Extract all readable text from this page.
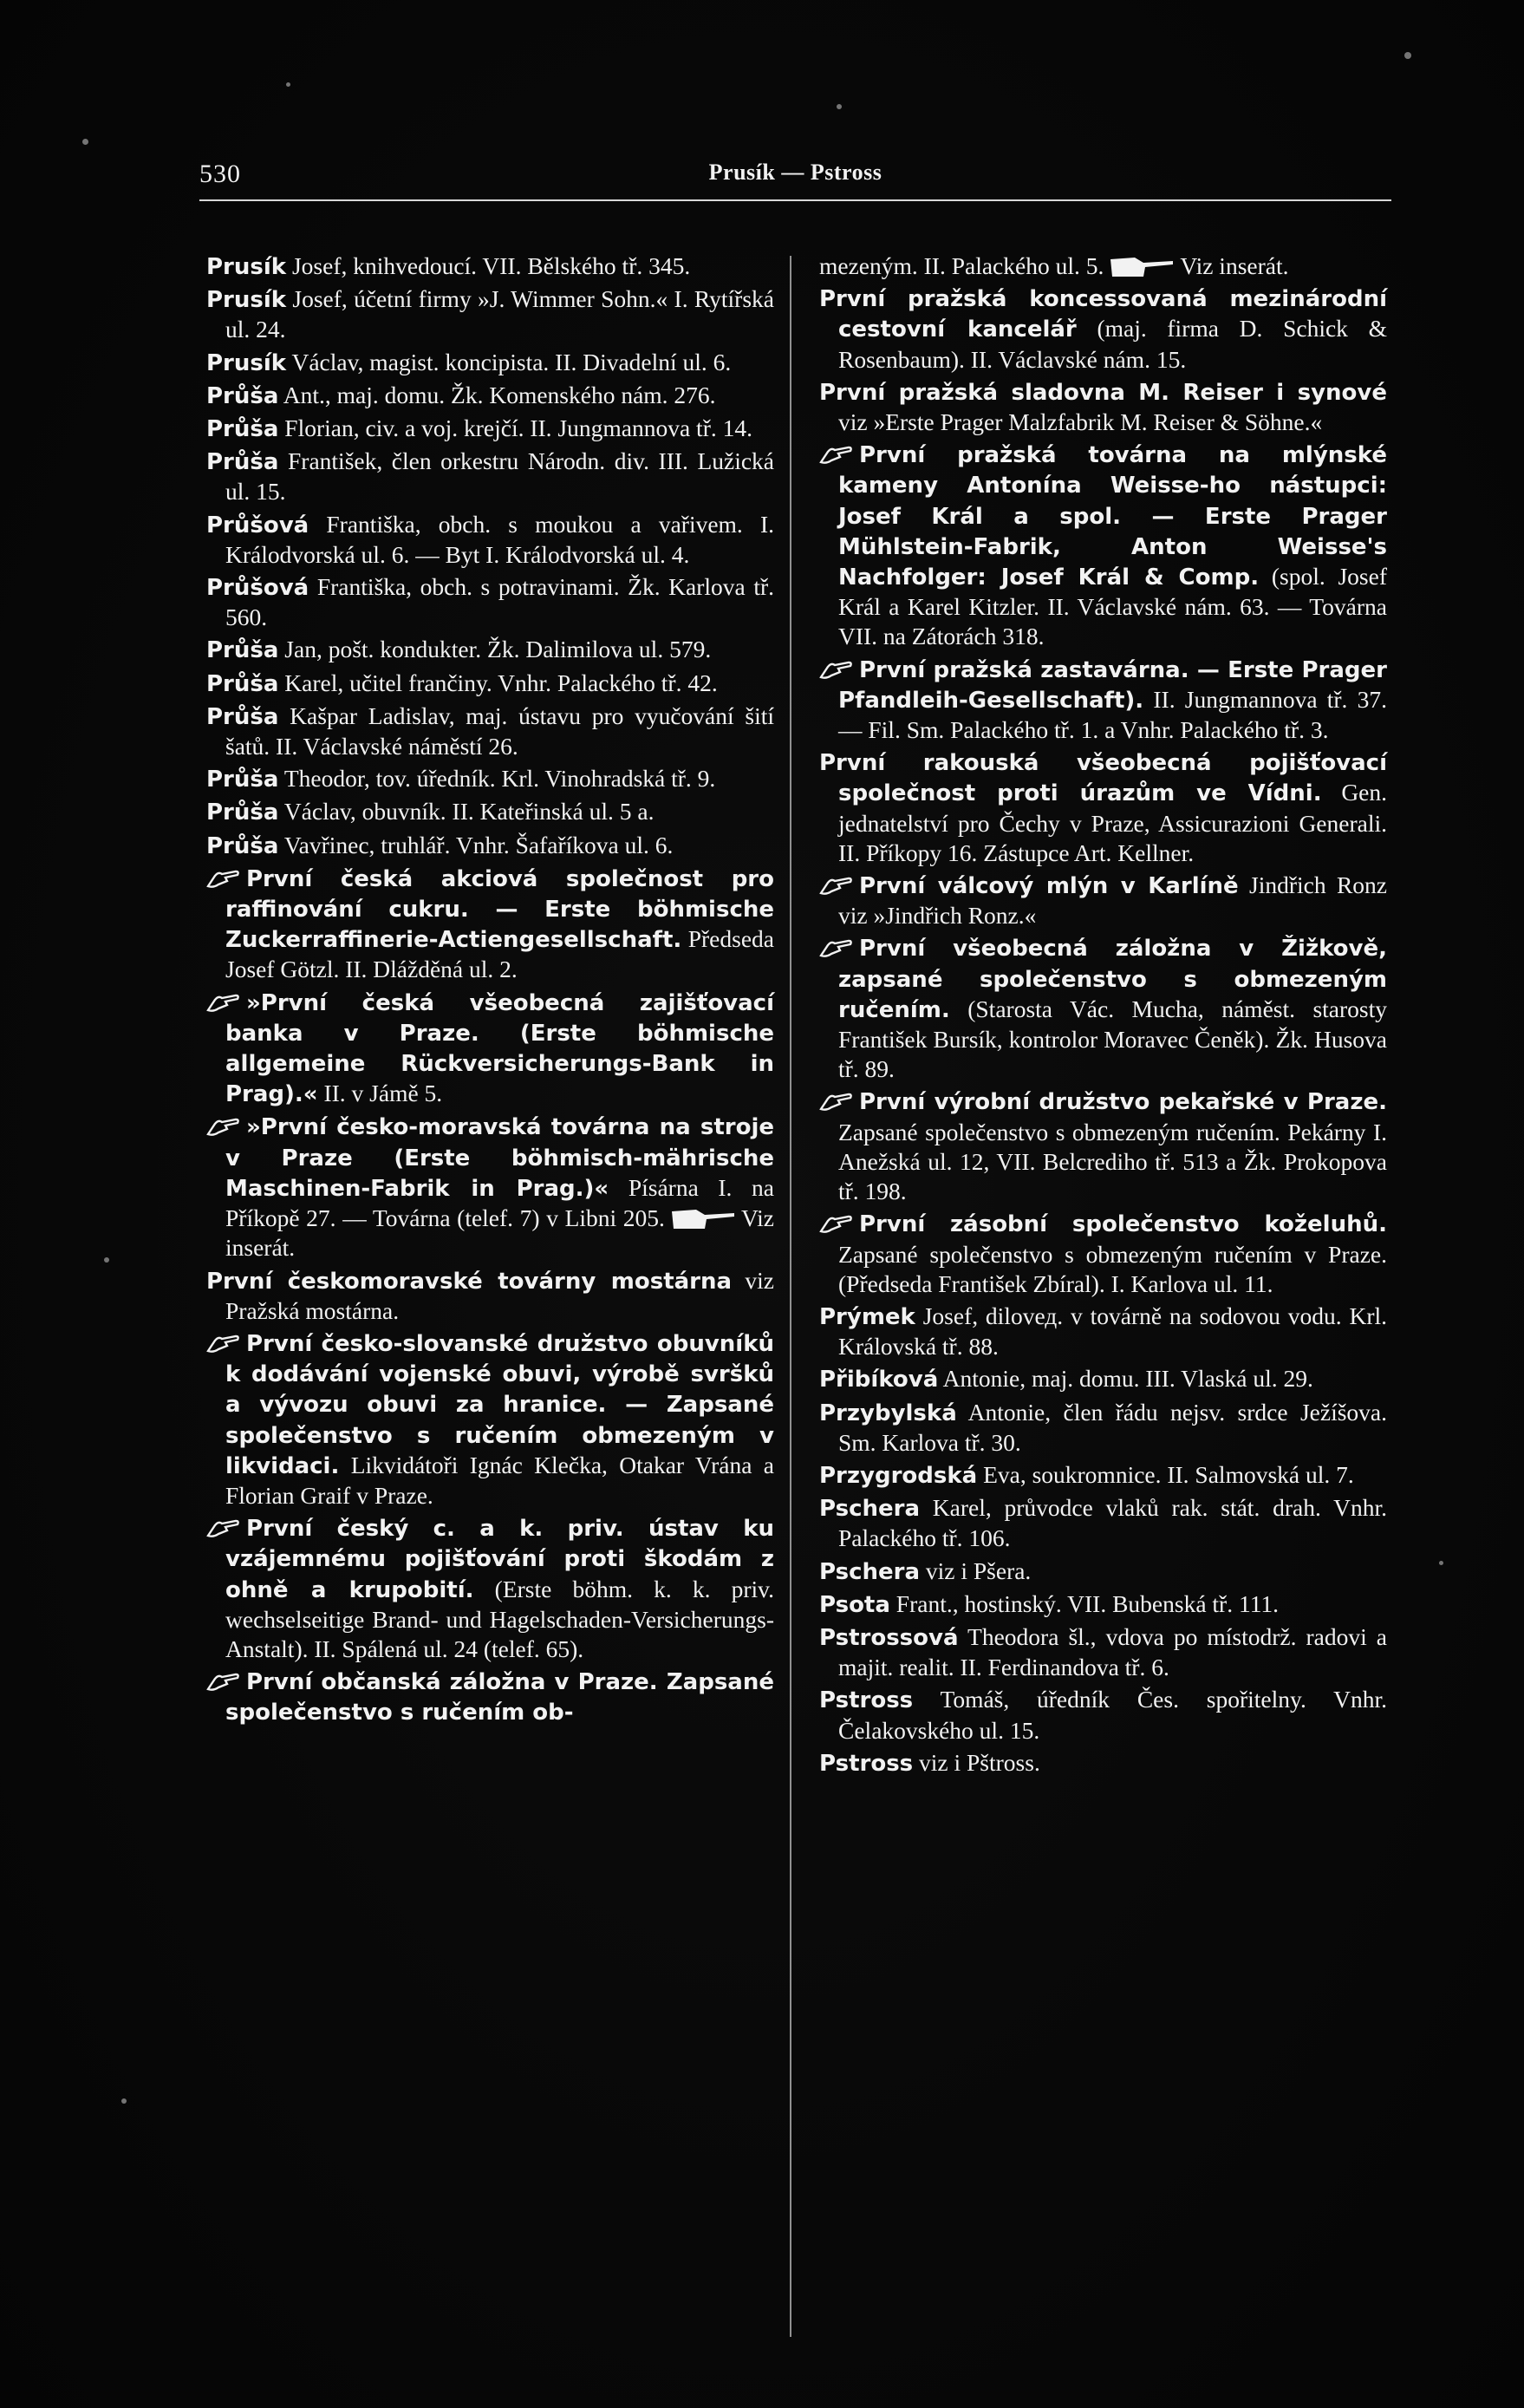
530	Prusík — Pstross

Prusík Josef, knihvedoucí. VII. Bělského tř. 345.

Prusík Josef, účetní firmy »J. Wimmer Sohn.« I. Rytířská ul. 24.

Prusík Václav, magist. koncipista. II. Divadelní ul. 6.

Průša Ant., maj. domu. Žk. Komenského nám. 276.

Průša Florian, civ. a voj. krejčí. II. Jungmannova tř. 14.

Průša František, člen orkestru Národn. div. III. Lužická ul. 15.

Průšová Františka, obch. s moukou a vařivem. I. Králodvorská ul. 6. — Byt I. Králodvorská ul. 4.

Průšová Františka, obch. s potravinami. Žk. Karlova tř. 560.

Průša Jan, pošt. kondukter. Žk. Dalimilova ul. 579.

Průša Karel, učitel frančiny. Vnhr. Palackého tř. 42.

Průša Kašpar Ladislav, maj. ústavu pro vyučování šití šatů. II. Václavské náměstí 26.

Průša Theodor, tov. úředník. Krl. Vinohradská tř. 9.

Průša Václav, obuvník. II. Kateřinská ul. 5 a.

Průša Vavřinec, truhlář. Vnhr. Šafaříkova ul. 6.

První česká akciová společnost pro raffinování cukru. — Erste böhmische Zuckerraffinerie-Actiengesellschaft. Předseda Josef Götzl. II. Dlážděná ul. 2.

»První česká všeobecná zajišťovací banka v Praze. (Erste böhmische allgemeine Rückversicherungs-Bank in Prag).« II. v Jámě 5.

»První česko-moravská továrna na stroje v Praze (Erste böhmisch-mährische Maschinen-Fabrik in Prag.)« Písárna I. na Příkopě 27. — Továrna (telef. 7) v Libni 205.	Viz inserát.

První českomoravské továrny mostárna viz Pražská mostárna.

První česko-slovanské družstvo obuvníků k dodávání vojenské obuvi, výrobě svršků a vývozu obuvi za hranice. — Zapsané společenstvo s ručením obmezeným v likvidaci. Likvidátoři Ignác Klečka, Otakar Vrána a Florian Graif v Praze.

První český c. a k. priv. ústav ku vzájemnému pojišťování proti škodám z ohně a krupobití. (Erste böhm. k. k. priv. wechselseitige Brand- und Hagelschaden-Versicherungs-Anstalt). II. Spálená ul. 24 (telef. 65).

První občanská záložna v Praze. Zapsané společenstvo s ručením ob-

mezeným. II. Palackého ul. 5.	Viz inserát.

První pražská koncessovaná mezinárodní cestovní kancelář (maj. firma D. Schick & Rosenbaum). II. Václavské nám. 15.

První pražská sladovna M. Reiser i synové viz »Erste Prager Malzfabrik M. Reiser & Söhne.«

První pražská továrna na mlýnské kameny Antonína Weisse-ho nástupci: Josef Král a spol. — Erste Prager Mühlstein-Fabrik, Anton Weisse's Nachfolger: Josef Král & Comp. (spol. Josef Král a Karel Kitzler. II. Václavské nám. 63. — Továrna VII. na Zátorách 318.

První pražská zastavárna. — Erste Prager Pfandleih-Gesellschaft). II. Jungmannova tř. 37. — Fil. Sm. Palackého tř. 1. a Vnhr. Palackého tř. 3.

První rakouská všeobecná pojišťovací společnost proti úrazům ve Vídni. Gen. jednatelství pro Čechy v Praze, Assicurazioni Generali. II. Příkopy 16. Zástupce Art. Kellner.

První válcový mlýn v Karlíně Jindřich Ronz viz »Jindřich Ronz.«

První všeobecná záložna v Žižkově, zapsané společenstvo s obmezeným ručením. (Starosta Vác. Mucha, náměst. starosty František Bursík, kontrolor Moravec Čeněk). Žk. Husova tř. 89.

První výrobní družstvo pekařské v Praze. Zapsané společenstvo s obmezeným ručením. Pekárny I. Anežská ul. 12, VII. Belcrediho tř. 513 a Žk. Prokopova tř. 198.

První zásobní společenstvo koželuhů. Zapsané společenstvo s obmezeným ručením v Praze. (Předseda František Zbíral). I. Karlova ul. 11.

Prýmek Josef, dilovед. v továrně na sodovou vodu. Krl. Královská tř. 88.

Přibíková Antonie, maj. domu. III. Vlaská ul. 29.

Przybylská Antonie, člen řádu nejsv. srdce Ježíšova. Sm. Karlova tř. 30.

Przygrodská Eva, soukromnice. II. Salmovská ul. 7.

Pschera Karel, průvodce vlaků rak. stát. drah. Vnhr. Palackého tř. 106.

Pschera viz i Pšera.

Psota Frant., hostinský. VII. Bubenská tř. 111.

Pstrossová Theodora šl., vdova po místodrž. radovi a majit. realit. II. Ferdinandova tř. 6.

Pstross Tomáš, úředník Čes. spořitelny. Vnhr. Čelakovského ul. 15.

Pstross viz i Pštross.
